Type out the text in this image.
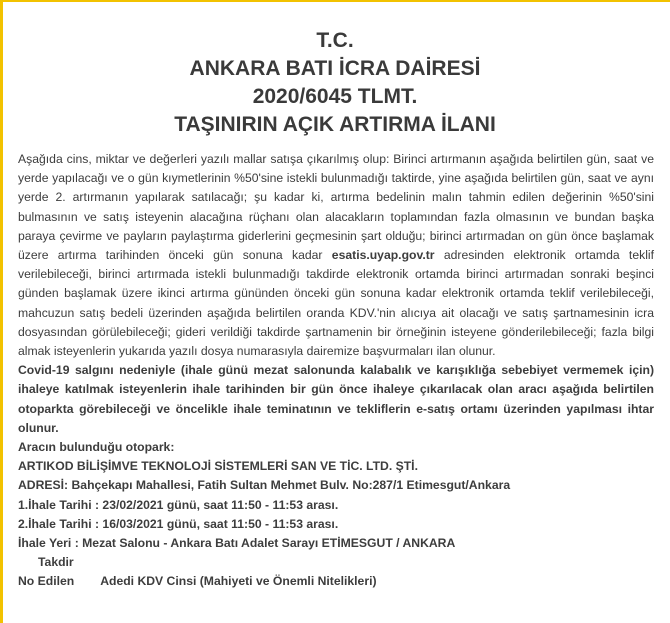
T.C.
ANKARA BATI İCRA DAİRESİ
2020/6045 TLMT.
TAŞINIRIN AÇIK ARTIRMA İLANI
Aşağıda cins, miktar ve değerleri yazılı mallar satışa çıkarılmış olup: Birinci artırmanın aşağıda belirtilen gün, saat ve yerde yapılacağı ve o gün kıymetlerinin %50'sine istekli bulunmadığı taktirde, yine aşağıda belirtilen gün, saat ve aynı yerde 2. artırmanın yapılarak satılacağı; şu kadar ki, artırma bedelinin malın tahmin edilen değerinin %50'sini bulmasının ve satış isteyenin alacağına rüçhanı olan alacakların toplamından fazla olmasının ve bundan başka paraya çevirme ve payların paylaştırma giderlerini geçmesinin şart olduğu; birinci artırmadan on gün önce başlamak üzere artırma tarihinden önceki gün sonuna kadar esatis.uyap.gov.tr adresinden elektronik ortamda teklif verilebileceği, birinci artırmada istekli bulunmadığı takdirde elektronik ortamda birinci artırmadan sonraki beşinci günden başlamak üzere ikinci artırma gününden önceki gün sonuna kadar elektronik ortamda teklif verilebileceği, mahcuzun satış bedeli üzerinden aşağıda belirtilen oranda KDV.'nin alıcıya ait olacağı ve satış şartnamesinin icra dosyasından görülebileceği; gideri verildiği takdirde şartnamenin bir örneğinin isteyene gönderilebileceği; fazla bilgi almak isteyenlerin yukarıda yazılı dosya numarasıyla dairemize başvurmaları ilan olunur.
Covid-19 salgını nedeniyle (ihale günü mezat salonunda kalabalık ve karışıklığa sebebiyet vermemek için) ihaleye katılmak isteyenlerin ihale tarihinden bir gün önce ihaleye çıkarılacak olan aracı aşağıda belirtilen otoparkta görebileceği ve öncelikle ihale teminatının ve tekliflerin e-satış ortamı üzerinden yapılması ihtar olunur.
Aracın bulunduğu otopark:
ARTIKOD BİLİŞİMVE TEKNOLOJİ SİSTEMLERİ SAN VE TİC. LTD. ŞTİ.
ADRESİ: Bahçekapı Mahallesi, Fatih Sultan Mehmet Bulv. No:287/1 Etimesgut/Ankara
1.İhale Tarihi : 23/02/2021 günü, saat 11:50 - 11:53 arası.
2.İhale Tarihi : 16/03/2021 günü, saat 11:50 - 11:53 arası.
İhale Yeri : Mezat Salonu - Ankara Batı Adalet Sarayı ETİMESGUT / ANKARA
Takdir
No Edilen Adedi KDV Cinsi (Mahiyeti ve Önemli Nitelikleri)
